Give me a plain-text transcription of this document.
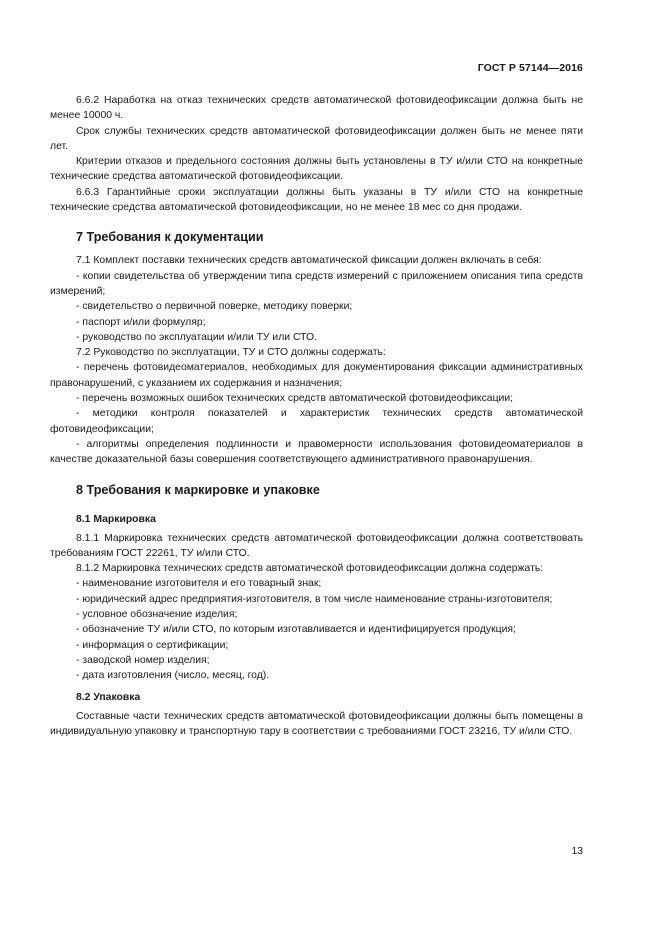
ГОСТ Р 57144—2016
6.6.2 Наработка на отказ технических средств автоматической фотовидеофиксации должна быть не менее 10000 ч.
Срок службы технических средств автоматической фотовидеофиксации должен быть не менее пяти лет.
Критерии отказов и предельного состояния должны быть установлены в ТУ и/или СТО на конкретные технические средства автоматической фотовидеофиксации.
6.6.3 Гарантийные сроки эксплуатации должны быть указаны в ТУ и/или СТО на конкретные технические средства автоматической фотовидеофиксации, но не менее 18 мес со дня продажи.
7 Требования к документации
7.1 Комплект поставки технических средств автоматической фиксации должен включать в себя:
- копии свидетельства об утверждении типа средств измерений с приложением описания типа средств измерений;
- свидетельство о первичной поверке, методику поверки;
- паспорт и/или формуляр;
- руководство по эксплуатации и/или ТУ или СТО.
7.2 Руководство по эксплуатации, ТУ и СТО должны содержать:
- перечень фотовидеоматериалов, необходимых для документирования фиксации административных правонарушений, с указанием их содержания и назначения;
- перечень возможных ошибок технических средств автоматической фотовидеофиксации;
- методики контроля показателей и характеристик технических средств автоматической фотовидеофиксации;
- алгоритмы определения подлинности и правомерности использования фотовидеоматериалов в качестве доказательной базы совершения соответствующего административного правонарушения.
8 Требования к маркировке и упаковке
8.1 Маркировка
8.1.1 Маркировка технических средств автоматической фотовидеофиксации должна соответствовать требованиям ГОСТ 22261, ТУ и/или СТО.
8.1.2 Маркировка технических средств автоматической фотовидеофиксации должна содержать:
- наименование изготовителя и его товарный знак;
- юридический адрес предприятия-изготовителя, в том числе наименование страны-изготовителя;
- условное обозначение изделия;
- обозначение ТУ и/или СТО, по которым изготавливается и идентифицируется продукция;
- информация о сертификации;
- заводской номер изделия;
- дата изготовления (число, месяц, год).
8.2 Упаковка
Составные части технических средств автоматической фотовидеофиксации должны быть помещены в индивидуальную упаковку и транспортную тару в соответствии с требованиями ГОСТ 23216, ТУ и/или СТО.
13
